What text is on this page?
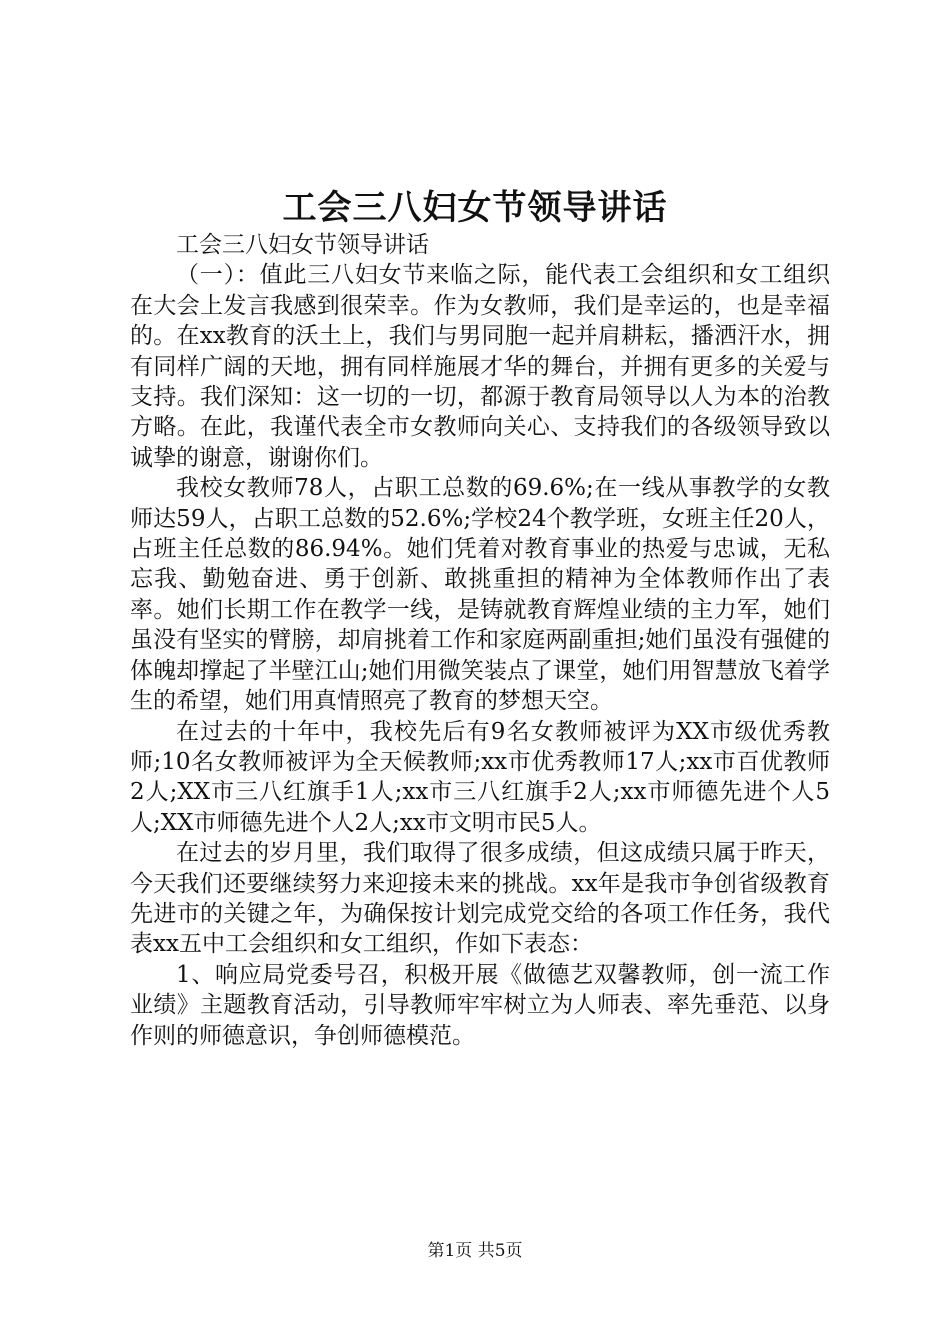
工会三八妇女节领导讲话

工会三八妇女节领导讲话

（一）：值此三八妇女节来临之际，能代表工会组织和女工组织在大会上发言我感到很荣幸。作为女教师，我们是幸运的，也是幸福的。在xx教育的沃土上，我们与男同胞一起并肩耕耘，播洒汗水，拥有同样广阔的天地，拥有同样施展才华的舞台，并拥有更多的关爱与支持。我们深知：这一切的一切，都源于教育局领导以人为本的治教方略。在此，我谨代表全市女教师向关心、支持我们的各级领导致以诚挚的谢意，谢谢你们。

我校女教师78人，占职工总数的69.6%;在一线从事教学的女教师达59人，占职工总数的52.6%;学校24个教学班，女班主任20人，占班主任总数的86.94%。她们凭着对教育事业的热爱与忠诚，无私忘我、勤勉奋进、勇于创新、敢挑重担的精神为全体教师作出了表率。她们长期工作在教学一线，是铸就教育辉煌业绩的主力军，她们虽没有坚实的臂膀，却肩挑着工作和家庭两副重担;她们虽没有强健的体魄却撑起了半壁江山;她们用微笑装点了课堂，她们用智慧放飞着学生的希望，她们用真情照亮了教育的梦想天空。

在过去的十年中，我校先后有9名女教师被评为XX市级优秀教师;10名女教师被评为全天候教师;xx市优秀教师17人;xx市百优教师2人;XX市三八红旗手1人;xx市三八红旗手2人;xx市师德先进个人5人;XX市师德先进个人2人;xx市文明市民5人。

在过去的岁月里，我们取得了很多成绩，但这成绩只属于昨天，今天我们还要继续努力来迎接未来的挑战。xx年是我市争创省级教育先进市的关键之年，为确保按计划完成党交给的各项工作任务，我代表xx五中工会组织和女工组织，作如下表态：

1、响应局党委号召，积极开展《做德艺双馨教师，创一流工作业绩》主题教育活动，引导教师牢牢树立为人师表、率先垂范、以身作则的师德意识，争创师德模范。

第1页 共5页
